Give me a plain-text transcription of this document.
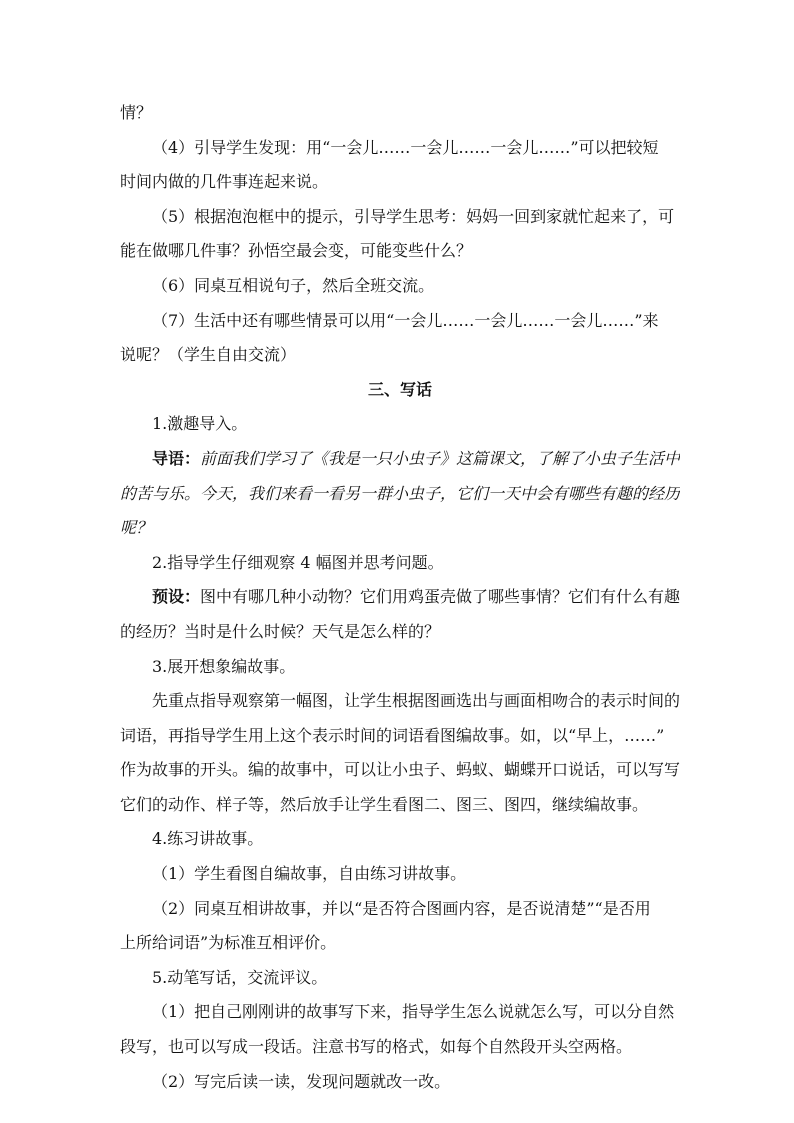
情？
（4）引导学生发现：用“一会儿……一会儿……一会儿……”可以把较短
时间内做的几件事连起来说。
（5）根据泡泡框中的提示，引导学生思考：妈妈一回到家就忙起来了，可
能在做哪几件事？孙悟空最会变，可能变些什么？
（6）同桌互相说句子，然后全班交流。
（7）生活中还有哪些情景可以用“一会儿……一会儿……一会儿……”来
说呢？（学生自由交流）
三、写话
1.激趣导入。
导语：前面我们学习了《我是一只小虫子》这篇课文，了解了小虫子生活中
的苦与乐。今天，我们来看一看另一群小虫子，它们一天中会有哪些有趣的经历
呢？
2.指导学生仔细观察 4 幅图并思考问题。
预设：图中有哪几种小动物？它们用鸡蛋壳做了哪些事情？它们有什么有趣
的经历？当时是什么时候？天气是怎么样的？
3.展开想象编故事。
先重点指导观察第一幅图，让学生根据图画选出与画面相吻合的表示时间的
词语，再指导学生用上这个表示时间的词语看图编故事。如，以“早上，……”
作为故事的开头。编的故事中，可以让小虫子、蚂蚁、蝴蝶开口说话，可以写写
它们的动作、样子等，然后放手让学生看图二、图三、图四，继续编故事。
4.练习讲故事。
（1）学生看图自编故事，自由练习讲故事。
（2）同桌互相讲故事，并以“是否符合图画内容，是否说清楚”“是否用
上所给词语”为标准互相评价。
5.动笔写话，交流评议。
（1）把自己刚刚讲的故事写下来，指导学生怎么说就怎么写，可以分自然
段写，也可以写成一段话。注意书写的格式，如每个自然段开头空两格。
（2）写完后读一读，发现问题就改一改。
